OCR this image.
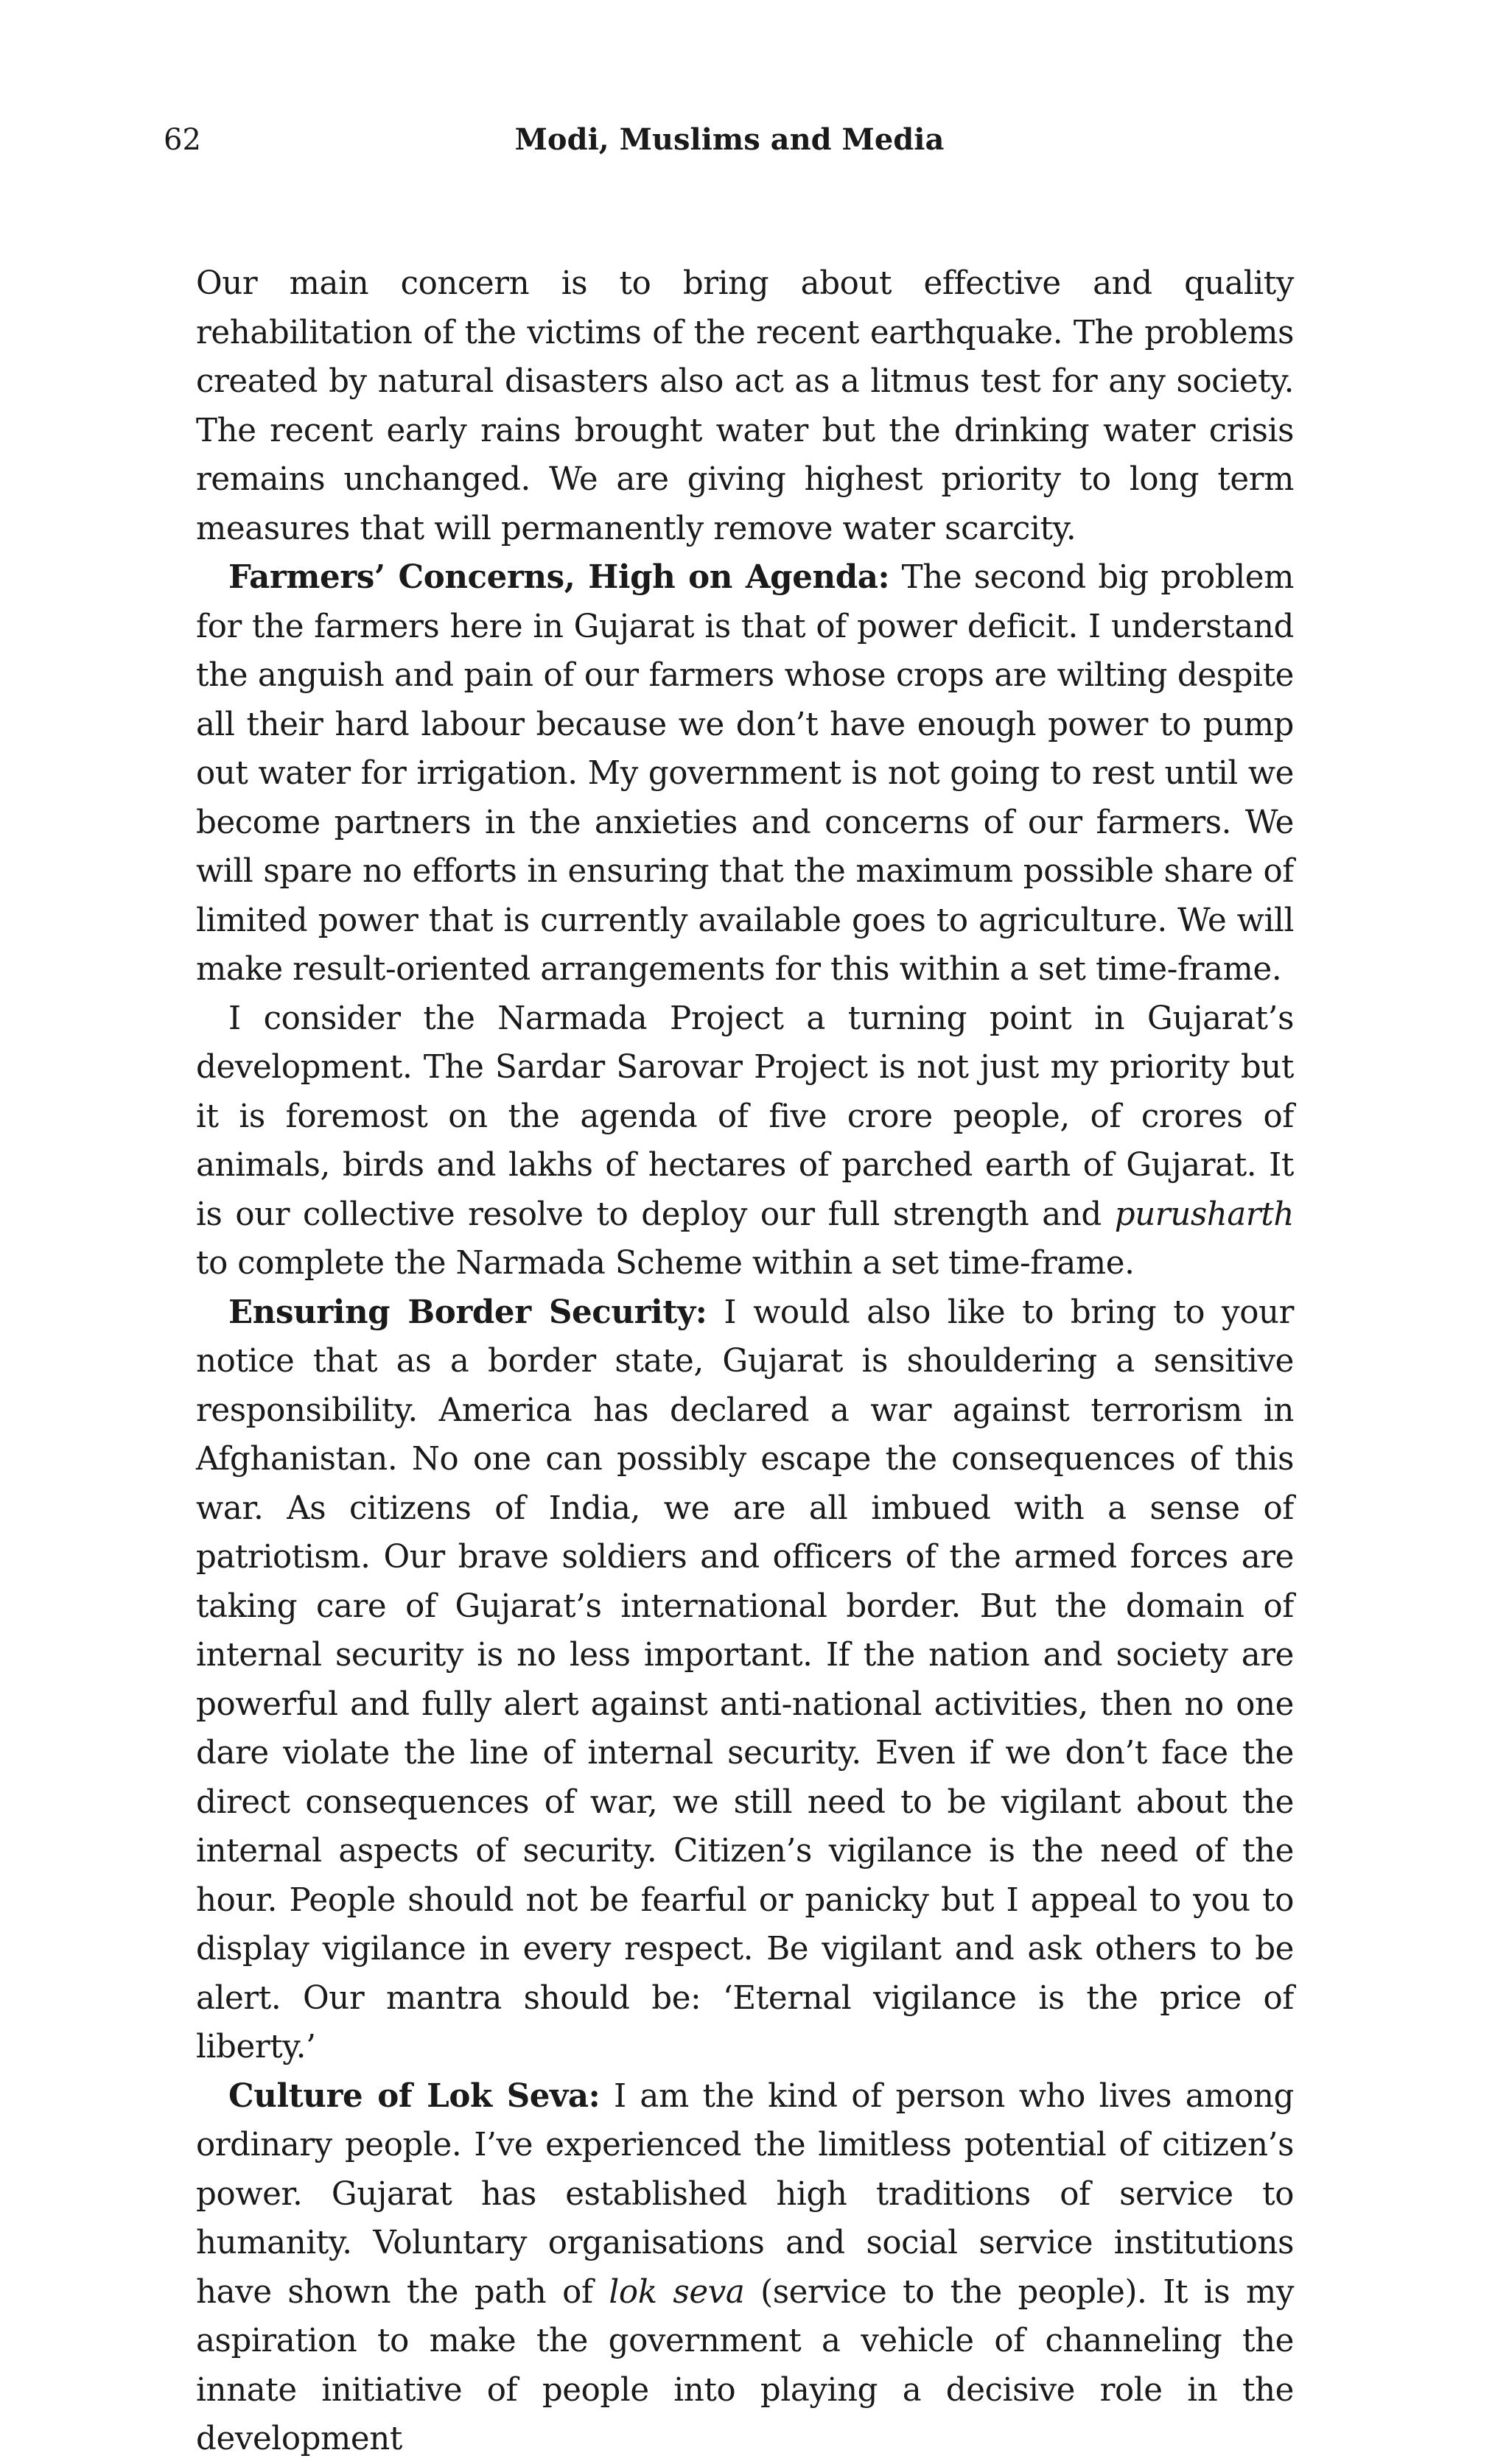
62	Modi, Muslims and Media

Our main concern is to bring about effective and quality rehabilitation of the victims of the recent earthquake. The problems created by natural disasters also act as a litmus test for any society. The recent early rains brought water but the drinking water crisis remains unchanged. We are giving highest priority to long term measures that will permanently remove water scarcity.

Farmers’ Concerns, High on Agenda: The second big problem for the farmers here in Gujarat is that of power deficit. I understand the anguish and pain of our farmers whose crops are wilting despite all their hard labour because we don’t have enough power to pump out water for irrigation. My government is not going to rest until we become partners in the anxieties and concerns of our farmers. We will spare no efforts in ensuring that the maximum possible share of limited power that is currently available goes to agriculture. We will make result-oriented arrangements for this within a set time-frame.

I consider the Narmada Project a turning point in Gujarat’s development. The Sardar Sarovar Project is not just my priority but it is foremost on the agenda of five crore people, of crores of animals, birds and lakhs of hectares of parched earth of Gujarat. It is our collective resolve to deploy our full strength and purusharth to complete the Narmada Scheme within a set time-frame.

Ensuring Border Security: I would also like to bring to your notice that as a border state, Gujarat is shouldering a sensitive responsibility. America has declared a war against terrorism in Afghanistan. No one can possibly escape the consequences of this war. As citizens of India, we are all imbued with a sense of patriotism. Our brave soldiers and officers of the armed forces are taking care of Gujarat’s international border. But the domain of internal security is no less important. If the nation and society are powerful and fully alert against anti-national activities, then no one dare violate the line of internal security. Even if we don’t face the direct consequences of war, we still need to be vigilant about the internal aspects of security. Citizen’s vigilance is the need of the hour. People should not be fearful or panicky but I appeal to you to display vigilance in every respect. Be vigilant and ask others to be alert. Our mantra should be: ‘Eternal vigilance is the price of liberty.’

Culture of Lok Seva: I am the kind of person who lives among ordinary people. I’ve experienced the limitless potential of citizen’s power. Gujarat has established high traditions of service to humanity. Voluntary organisations and social service institutions have shown the path of lok seva (service to the people). It is my aspiration to make the government a vehicle of channeling the innate initiative of people into playing a decisive role in the development
